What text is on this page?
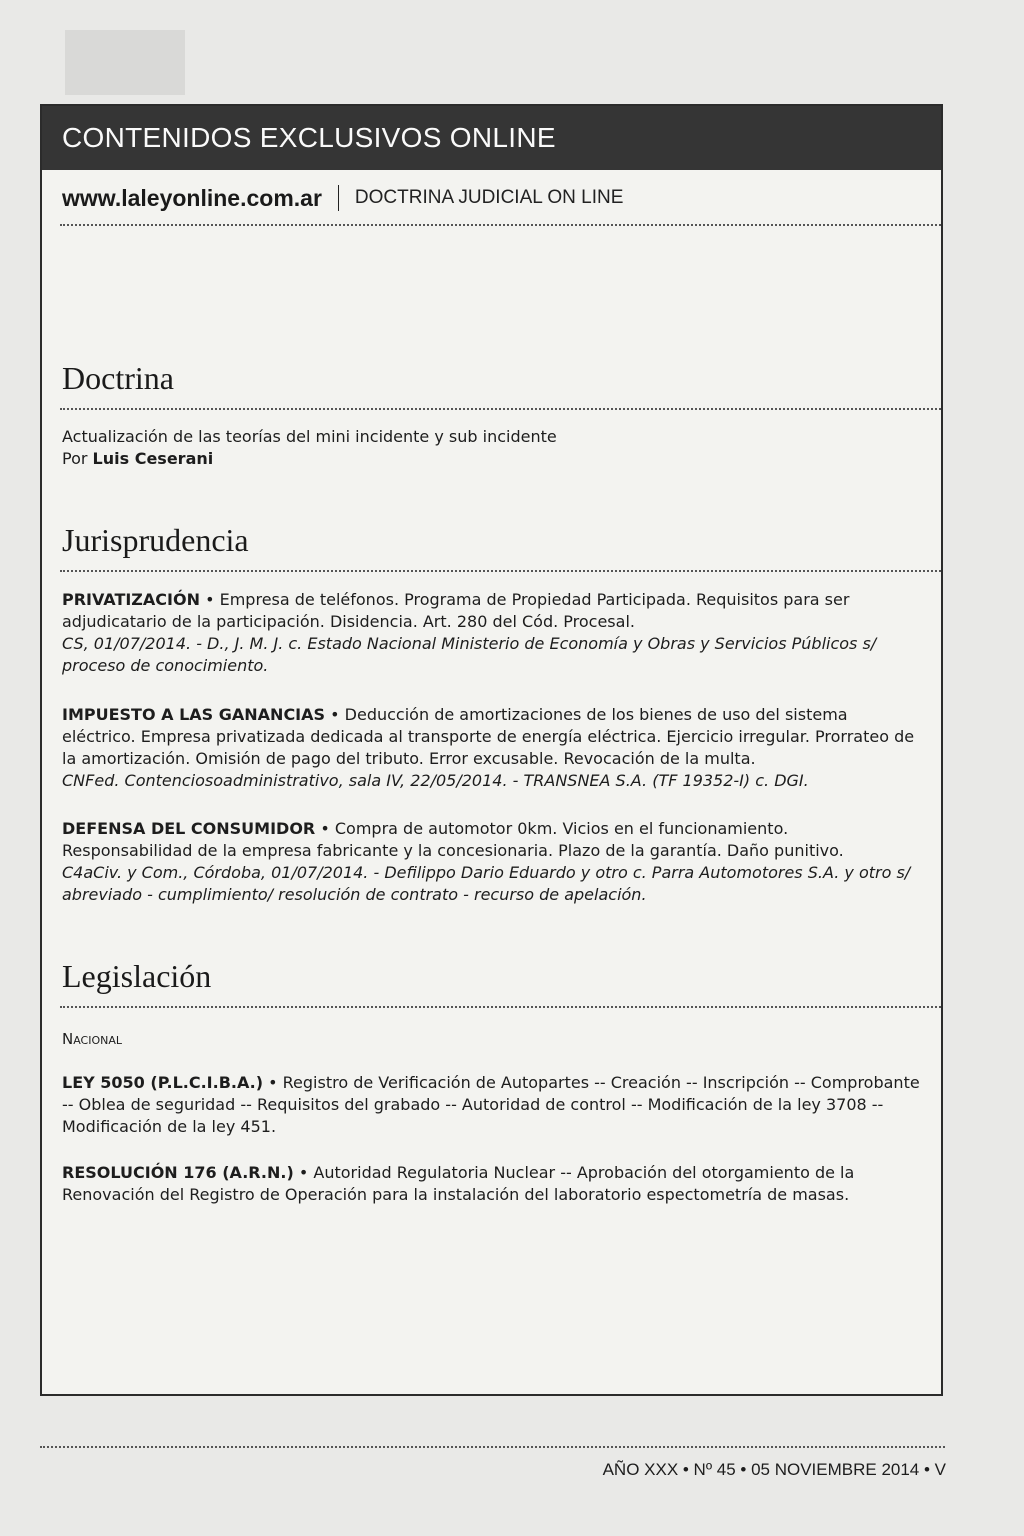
CONTENIDOS EXCLUSIVOS ONLINE
www.laleyonline.com.ar DOCTRINA JUDICIAL ON LINE
Doctrina

Actualización de las teorías del mini incidente y sub incidente

Por Luis Ceserani

Jurisprudencia
PRIVATIZACIÓN • Empresa de teléfonos. Programa de Propiedad Participada. Requisitos para ser adjudicatario de la participación. Disidencia. Art. 280 del Cód. Procesal.
CS, 01/07/2014. - D., J. M. J. c. Estado Nacional Ministerio de Economía y Obras y Servicios Públicos s/ proceso de conocimiento.
IMPUESTO A LAS GANANCIAS • Deducción de amortizaciones de los bienes de uso del sistema eléctrico. Empresa privatizada dedicada al transporte de energía eléctrica. Ejercicio irregular. Prorrateo de la amortización. Omisión de pago del tributo. Error excusable. Revocación de la multa.
CNFed. Contenciosoadministrativo, sala IV, 22/05/2014. - TRANSNEA S.A. (TF 19352-I) c. DGI.
DEFENSA DEL CONSUMIDOR • Compra de automotor 0km. Vicios en el funcionamiento. Responsabilidad de la empresa fabricante y la concesionaria. Plazo de la garantía. Daño punitivo.
C4aCiv. y Com., Córdoba, 01/07/2014. - Defilippo Dario Eduardo y otro c. Parra Automotores S.A. y otro s/ abreviado - cumplimiento/ resolución de contrato - recurso de apelación.
Legislación

Nacional

LEY 5050 (P.L.C.I.B.A.) • Registro de Verificación de Autopartes -- Creación -- Inscripción -- Comprobante -- Oblea de seguridad -- Requisitos del grabado -- Autoridad de control -- Modificación de la ley 3708 -- Modificación de la ley 451.
RESOLUCIÓN 176 (A.R.N.) • Autoridad Regulatoria Nuclear -- Aprobación del otorgamiento de la Renovación del Registro de Operación para la instalación del laboratorio espectometría de masas.
AÑO XXX • Nº 45 • 05 NOVIEMBRE 2014 • V
